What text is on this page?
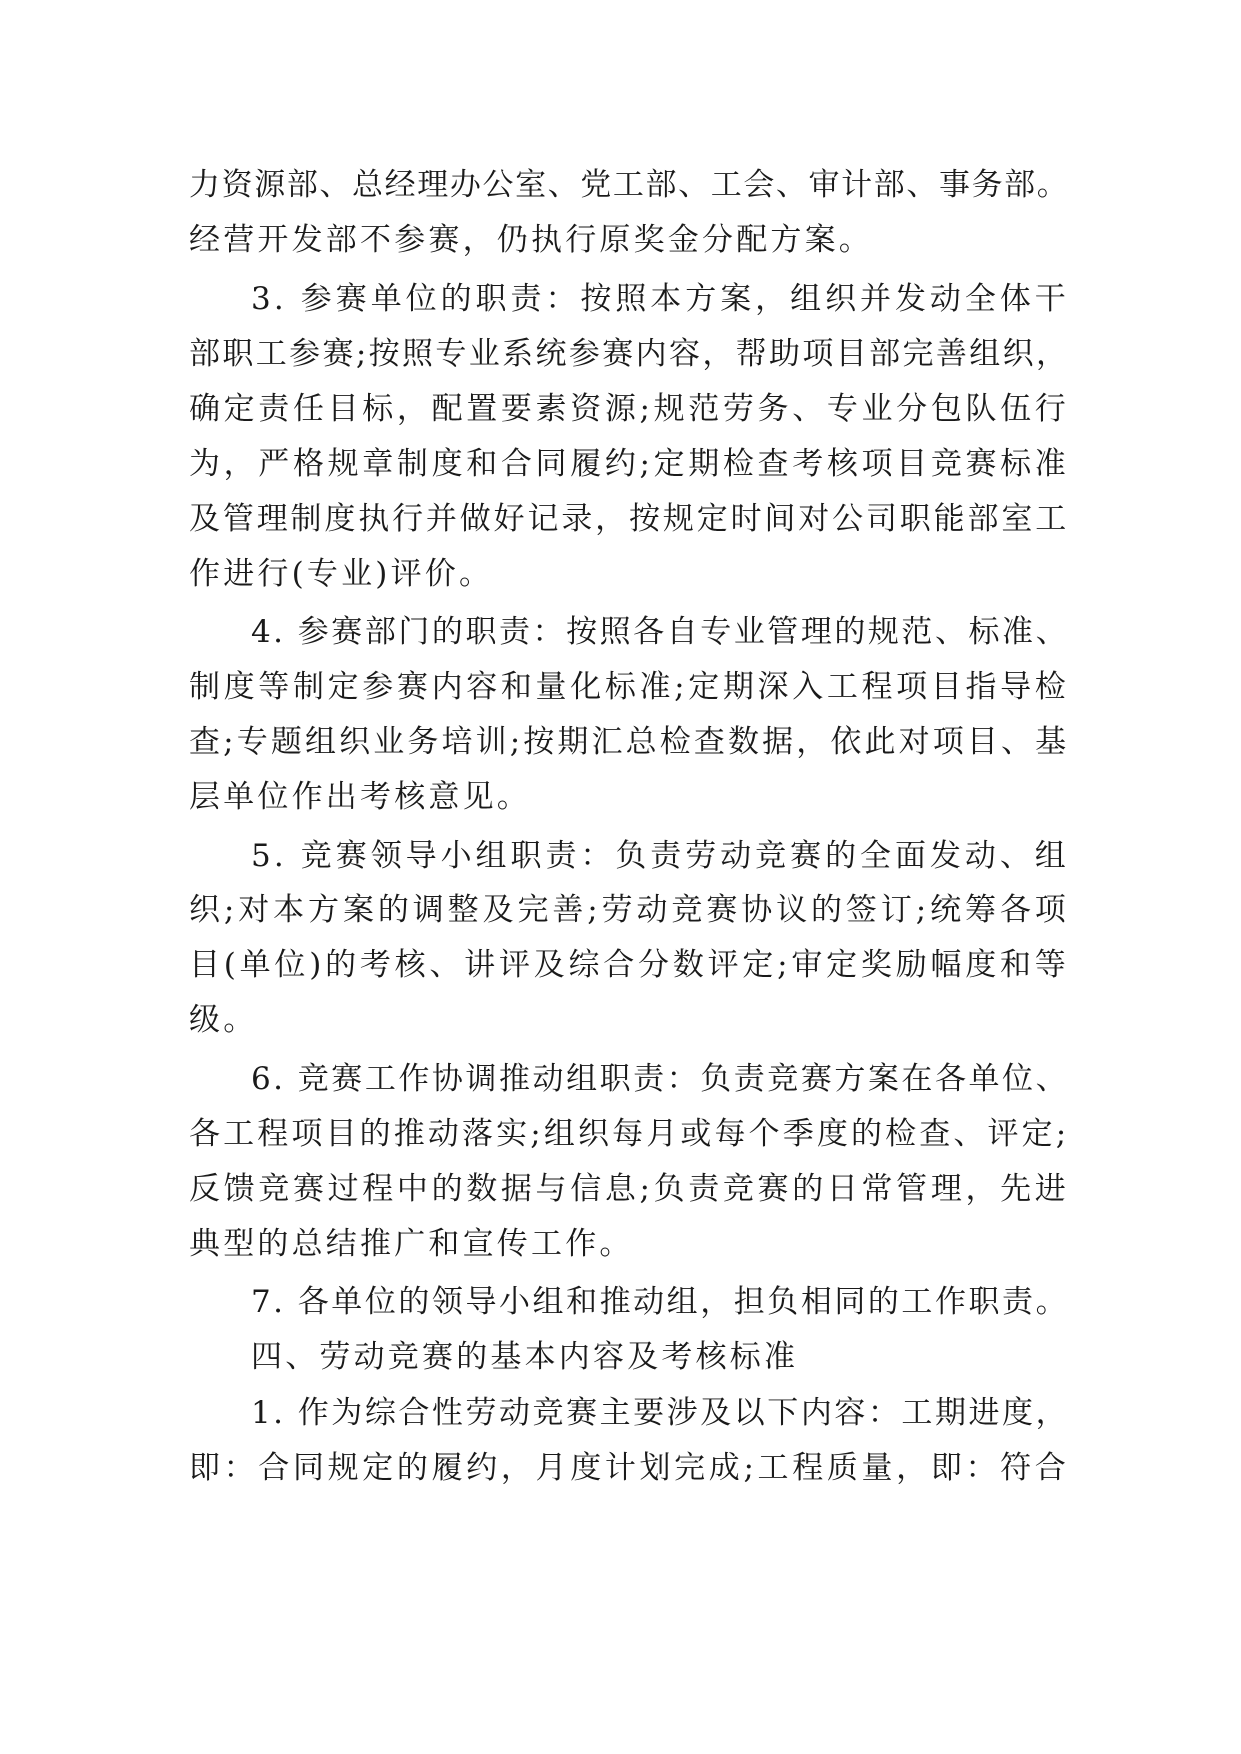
力资源部、总经理办公室、党工部、工会、审计部、事务部。
经营开发部不参赛，仍执行原奖金分配方案。
3. 参赛单位的职责：按照本方案，组织并发动全体干
部职工参赛;按照专业系统参赛内容，帮助项目部完善组织，
确定责任目标，配置要素资源;规范劳务、专业分包队伍行
为，严格规章制度和合同履约;定期检查考核项目竞赛标准
及管理制度执行并做好记录，按规定时间对公司职能部室工
作进行(专业)评价。
4. 参赛部门的职责：按照各自专业管理的规范、标准、
制度等制定参赛内容和量化标准;定期深入工程项目指导检
查;专题组织业务培训;按期汇总检查数据，依此对项目、基
层单位作出考核意见。
5. 竞赛领导小组职责：负责劳动竞赛的全面发动、组
织;对本方案的调整及完善;劳动竞赛协议的签订;统筹各项
目(单位)的考核、讲评及综合分数评定;审定奖励幅度和等
级。
6. 竞赛工作协调推动组职责：负责竞赛方案在各单位、
各工程项目的推动落实;组织每月或每个季度的检查、评定;
反馈竞赛过程中的数据与信息;负责竞赛的日常管理，先进
典型的总结推广和宣传工作。
7. 各单位的领导小组和推动组，担负相同的工作职责。
四、劳动竞赛的基本内容及考核标准
1. 作为综合性劳动竞赛主要涉及以下内容：工期进度，
即：合同规定的履约，月度计划完成;工程质量，即：符合
